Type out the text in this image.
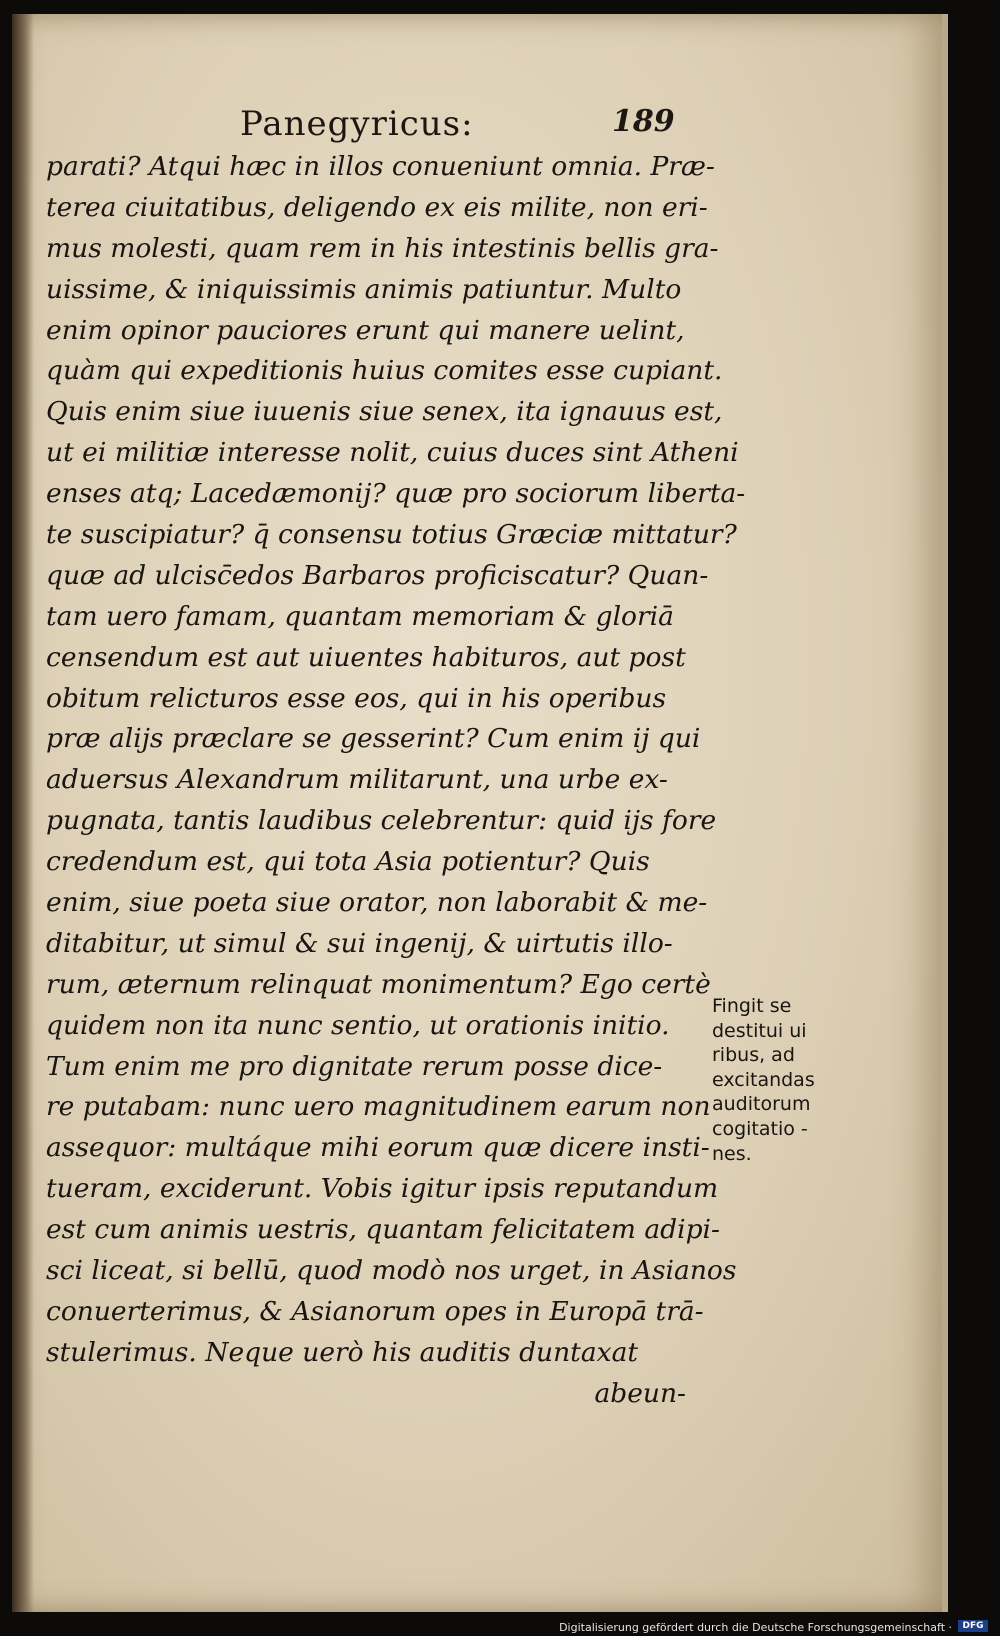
Panegyricus:	189
parati? Atqui hæc in illos conueniunt omnia. Præ-
terea ciuitatibus, deligendo ex eis milite, non eri-
mus molesti, quam rem in his intestinis bellis gra-
uissime, & iniquissimis animis patiuntur. Multo
enim opinor pauciores erunt qui manere uelint,
quàm qui expeditionis huius comites esse cupiant.
Quis enim siue iuuenis siue senex, ita ignauus est,
ut ei militiæ interesse nolit, cuius duces sint Atheni
enses atq; Lacedæmonij? quæ pro sociorum liberta-
te suscipiatur? q̄ consensu totius Græciæ mittatur?
quæ ad ulcisc̄edos Barbaros proficiscatur? Quan-
tam uero famam, quantam memoriam & gloriā
censendum est aut uiuentes habituros, aut post
obitum relicturos esse eos, qui in his operibus
præ alijs præclare se gesserint? Cum enim ij qui
aduersus Alexandrum militarunt, una urbe ex-
pugnata, tantis laudibus celebrentur: quid ijs fore
credendum est, qui tota Asia potientur? Quis
enim, siue poeta siue orator, non laborabit & me-
ditabitur, ut simul & sui ingenij, & uirtutis illo-
rum, æternum relinquat monimentum? Ego certè
quidem non ita nunc sentio, ut orationis initio.
Tum enim me pro dignitate rerum posse dice-
re putabam: nunc uero magnitudinem earum non
assequor: multáque mihi eorum quæ dicere insti-
tueram, exciderunt. Vobis igitur ipsis reputandum
est cum animis uestris, quantam felicitatem adipi-
sci liceat, si bellū, quod modò nos urget, in Asianos
conuerterimus, & Asianorum opes in Europā trā-
stulerimus. Neque uerò his auditis duntaxat
abeun-
Fingit se
destitui ui
ribus, ad
excitandas
auditorum
cogitatio -
nes.
Digitalisierung gefördert durch die Deutsche Forschungsgemeinschaft ·	DFG
